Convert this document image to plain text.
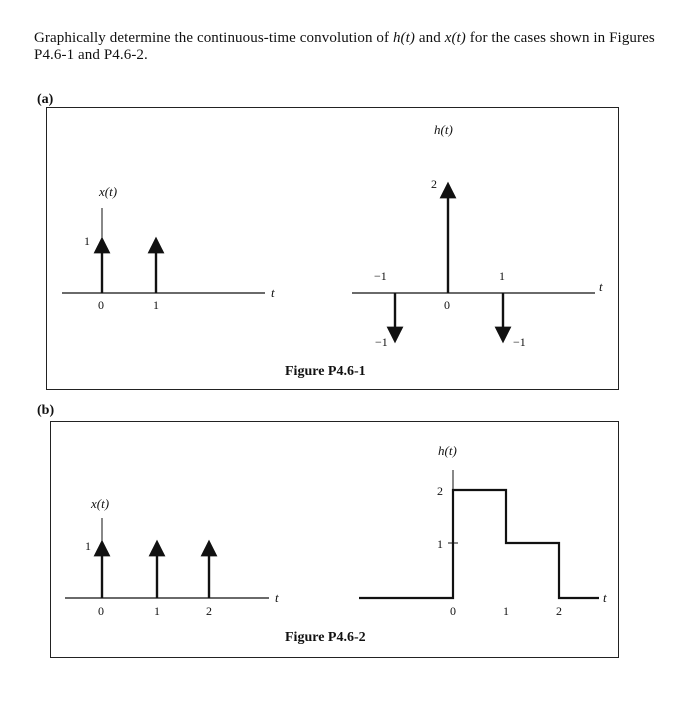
Graphically determine the continuous-time convolution of h(t) and x(t) for the cases shown in Figures P4.6-1 and P4.6-2.
(a)
t
x(t)
1
0	1
t
h(t)
2
−1
0
1
−1	−1
Figure P4.6-1
(b)
t
x(t)
1
0	1	2
h(t)
2
1
0	1	2
t
Figure P4.6-2
